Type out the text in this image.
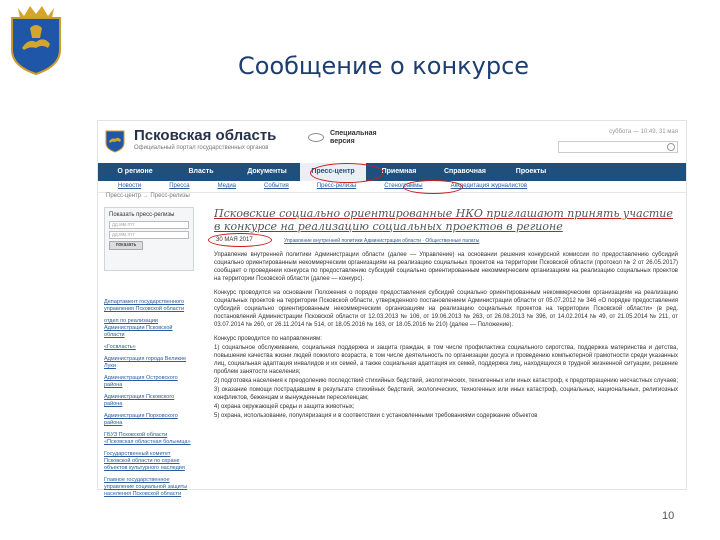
Сообщение о конкурсе
Псковская область
Официальный портал государственных органов
Специальная
версия
суббота — 10:49, 31 мая
О регионе	Власть	Документы	Пресс-центр	Приемная	Справочная	Проекты
Новости	Пресса	Медиа	События	Пресс-релизы	Стенограммы	Аккредитация журналистов
Пресс-центр → Пресс-релизы
Показать пресс-релизы
дд.мм.гггг
дд.мм.гггг
показать
Департамент государственного управления Псковской области
отдел по реализации Администрации Псковской области
«Госвласть»
Администрация города Великие Луки
Администрация Островского района
Администрация Псковского района
Администрация Порховского района
ГБУЗ Псковской области «Псковская областная больница»
Государственный комитет Псковской области по охране объектов культурного наследия
Главное государственное управление социальной защиты населения Псковской области
Псковские социально ориентированные НКО приглашают принять участие в конкурсе на реализацию социальных проектов в регионе
30 МАЯ 2017	Управление внутренней политики Администрации области · Общественные палаты
Управление внутренней политики Администрации области (далее — Управление) на основании решения конкурсной комиссии по предоставлению субсидий социально ориентированным некоммерческим организациям на реализацию социальных проектов на территории Псковской области (протокол № 2 от 26.05.2017) сообщает о проведении конкурса по предоставлению субсидий социально ориентированным некоммерческим организациям на реализацию социальных проектов на территории Псковской области (далее — конкурс).
Конкурс проводится на основании Положения о порядке предоставления субсидий социально ориентированным некоммерческим организациям на реализацию социальных проектов на территории Псковской области, утвержденного постановлением Администрации области от 05.07.2012 № 346 «О порядке предоставления субсидий социально ориентированным некоммерческим организациям на реализацию социальных проектов на территории Псковской области» (в ред. постановлений Администрации Псковской области от 12.03.2013 № 106, от 19.06.2013 № 263, от 26.08.2013 № 396, от 14.02.2014 № 49, от 21.05.2014 № 211, от 03.07.2014 № 260, от 26.11.2014 № 514, от 18.05.2016 № 163, от 18.05.2016 № 210) (далее — Положение).
Конкурс проводится по направлениям:
1) социальное обслуживание, социальная поддержка и защита граждан, в том числе профилактика социального сиротства, поддержка материнства и детства, повышение качества жизни людей пожилого возраста, в том числе деятельность по организации досуга и проведению компьютерной грамотности среди указанных лиц, социальная адаптация инвалидов и их семей, а также социальная адаптация их семей, поддержка лиц, находящихся в трудной жизненной ситуации, решение проблем занятости населения;
2) подготовка населения к преодолению последствий стихийных бедствий, экологических, техногенных или иных катастроф, к предотвращению несчастных случаев;
3) оказание помощи пострадавшим в результате стихийных бедствий, экологических, техногенных или иных катастроф, социальных, национальных, религиозных конфликтов, беженцам и вынужденным переселенцам;
4) охрана окружающей среды и защита животных;
5) охрана, использование, популяризация и в соответствии с установленными требованиями содержание объектов
10
